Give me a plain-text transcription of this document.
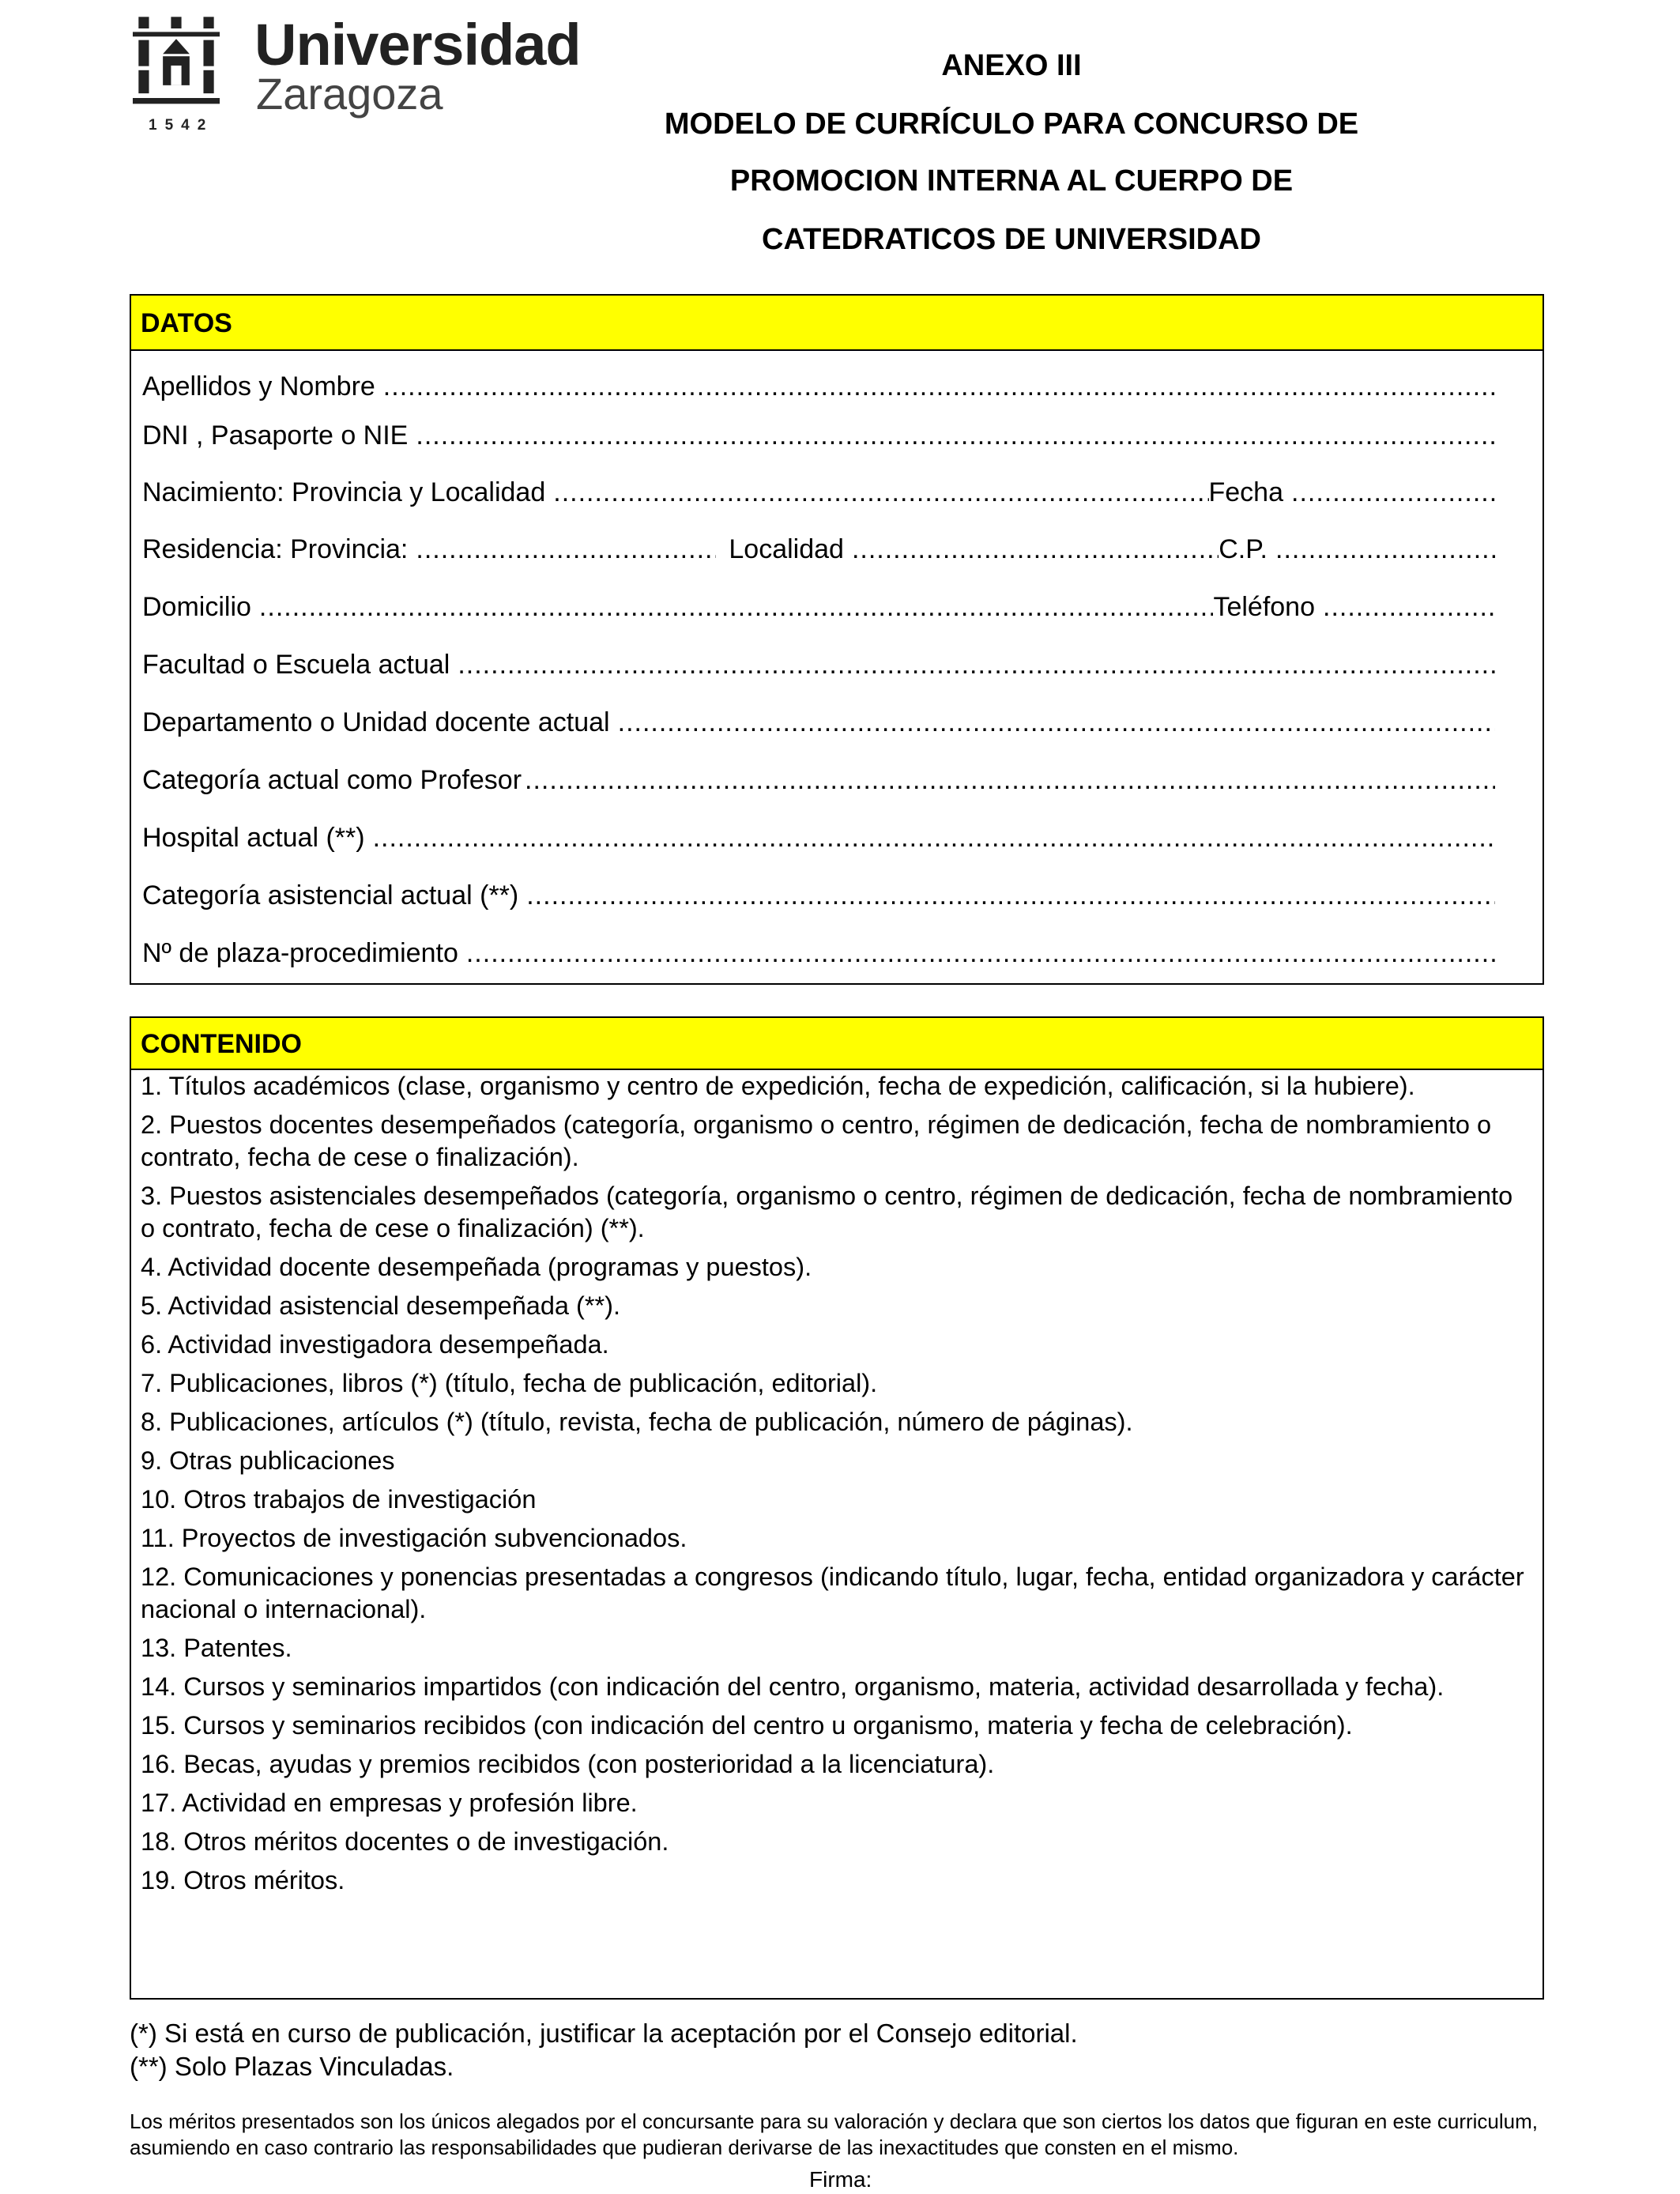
Universidad
Zaragoza
1542
ANEXO III
MODELO DE CURRÍCULO PARA CONCURSO DE
PROMOCION INTERNA AL CUERPO DE
CATEDRATICOS DE UNIVERSIDAD
DATOS
Apellidos y Nombre
.....
DNI , Pasaporte o NIE
.....
Nacimiento: Provincia y Localidad .....	Fecha
.....
Residencia: Provincia: .....	Localidad .....	C.P.
.....
Domicilio .....	Teléfono
.....
Facultad o Escuela actual
.....
Departamento o Unidad docente actual
.....
Categoría actual como Profesor
.....
Hospital actual (**)
.....
Categoría asistencial actual (**)
.....
Nº de plaza-procedimiento
.....
CONTENIDO
1. Títulos académicos (clase, organismo y centro de expedición, fecha de expedición, calificación, si la hubiere).
2. Puestos docentes desempeñados (categoría, organismo o centro, régimen de dedicación, fecha de nombramiento o contrato, fecha de cese o finalización).
3. Puestos asistenciales desempeñados (categoría, organismo o centro, régimen de dedicación, fecha de nombramiento o contrato, fecha de cese o finalización) (**).
4. Actividad docente desempeñada (programas y puestos).
5. Actividad asistencial desempeñada (**).
6. Actividad investigadora desempeñada.
7. Publicaciones, libros (*) (título, fecha de publicación, editorial).
8. Publicaciones, artículos (*) (título, revista, fecha de publicación, número de páginas).
9. Otras publicaciones
10. Otros trabajos de investigación
11. Proyectos de investigación subvencionados.
12. Comunicaciones y ponencias presentadas a congresos (indicando título, lugar, fecha, entidad organizadora y carácter nacional o internacional).
13. Patentes.
14. Cursos y seminarios impartidos (con indicación del centro, organismo, materia, actividad desarrollada y fecha).
15. Cursos y seminarios recibidos (con indicación del centro u organismo, materia y fecha de celebración).
16. Becas, ayudas y premios recibidos (con posterioridad a la licenciatura).
17. Actividad en empresas y profesión libre.
18. Otros méritos docentes o de investigación.
19. Otros méritos.
(*) Si está en curso de publicación, justificar la aceptación por el Consejo editorial.
(**) Solo Plazas Vinculadas.
Los méritos presentados son los únicos alegados por el concursante para su valoración y declara que son ciertos los datos que figuran en este curriculum, asumiendo en caso contrario las responsabilidades que pudieran derivarse de las inexactitudes que consten en el mismo.
Firma:
